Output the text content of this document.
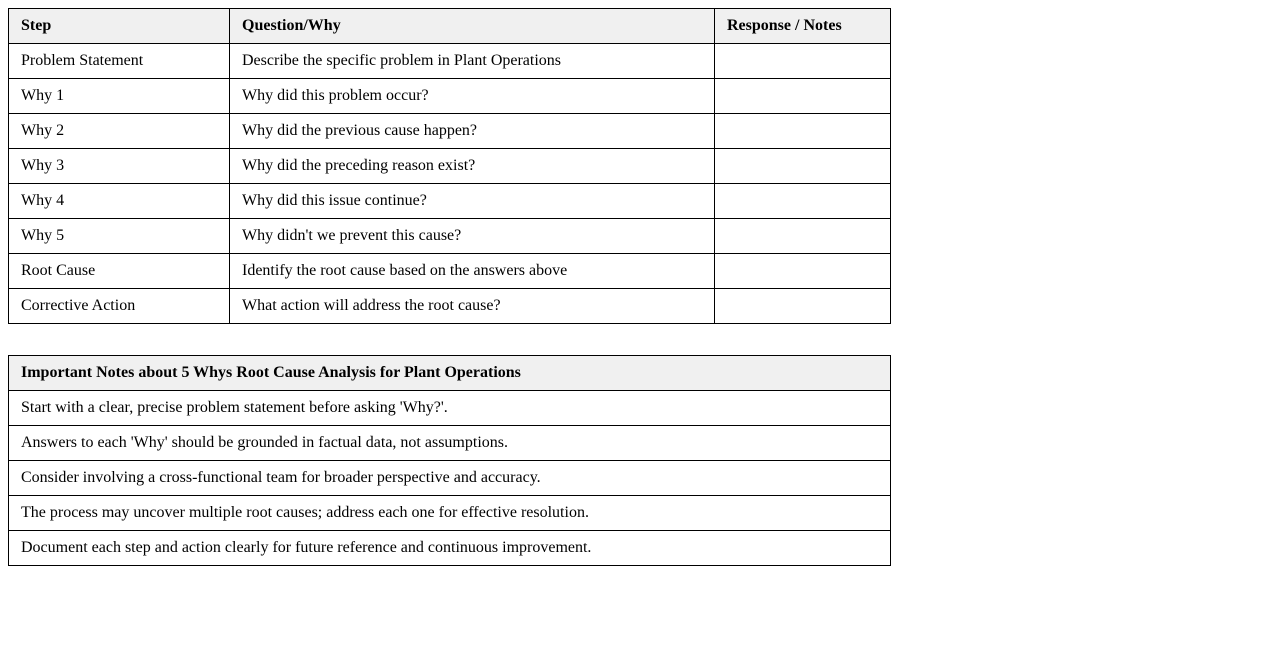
Step	Question/Why	Response / Notes
Problem Statement	Describe the specific problem in Plant Operations	
Why 1	Why did this problem occur?	
Why 2	Why did the previous cause happen?	
Why 3	Why did the preceding reason exist?	
Why 4	Why did this issue continue?	
Why 5	Why didn't we prevent this cause?	
Root Cause	Identify the root cause based on the answers above	
Corrective Action	What action will address the root cause?	
Important Notes about 5 Whys Root Cause Analysis for Plant Operations
Start with a clear, precise problem statement before asking 'Why?'.
Answers to each 'Why' should be grounded in factual data, not assumptions.
Consider involving a cross-functional team for broader perspective and accuracy.
The process may uncover multiple root causes; address each one for effective resolution.
Document each step and action clearly for future reference and continuous improvement.
